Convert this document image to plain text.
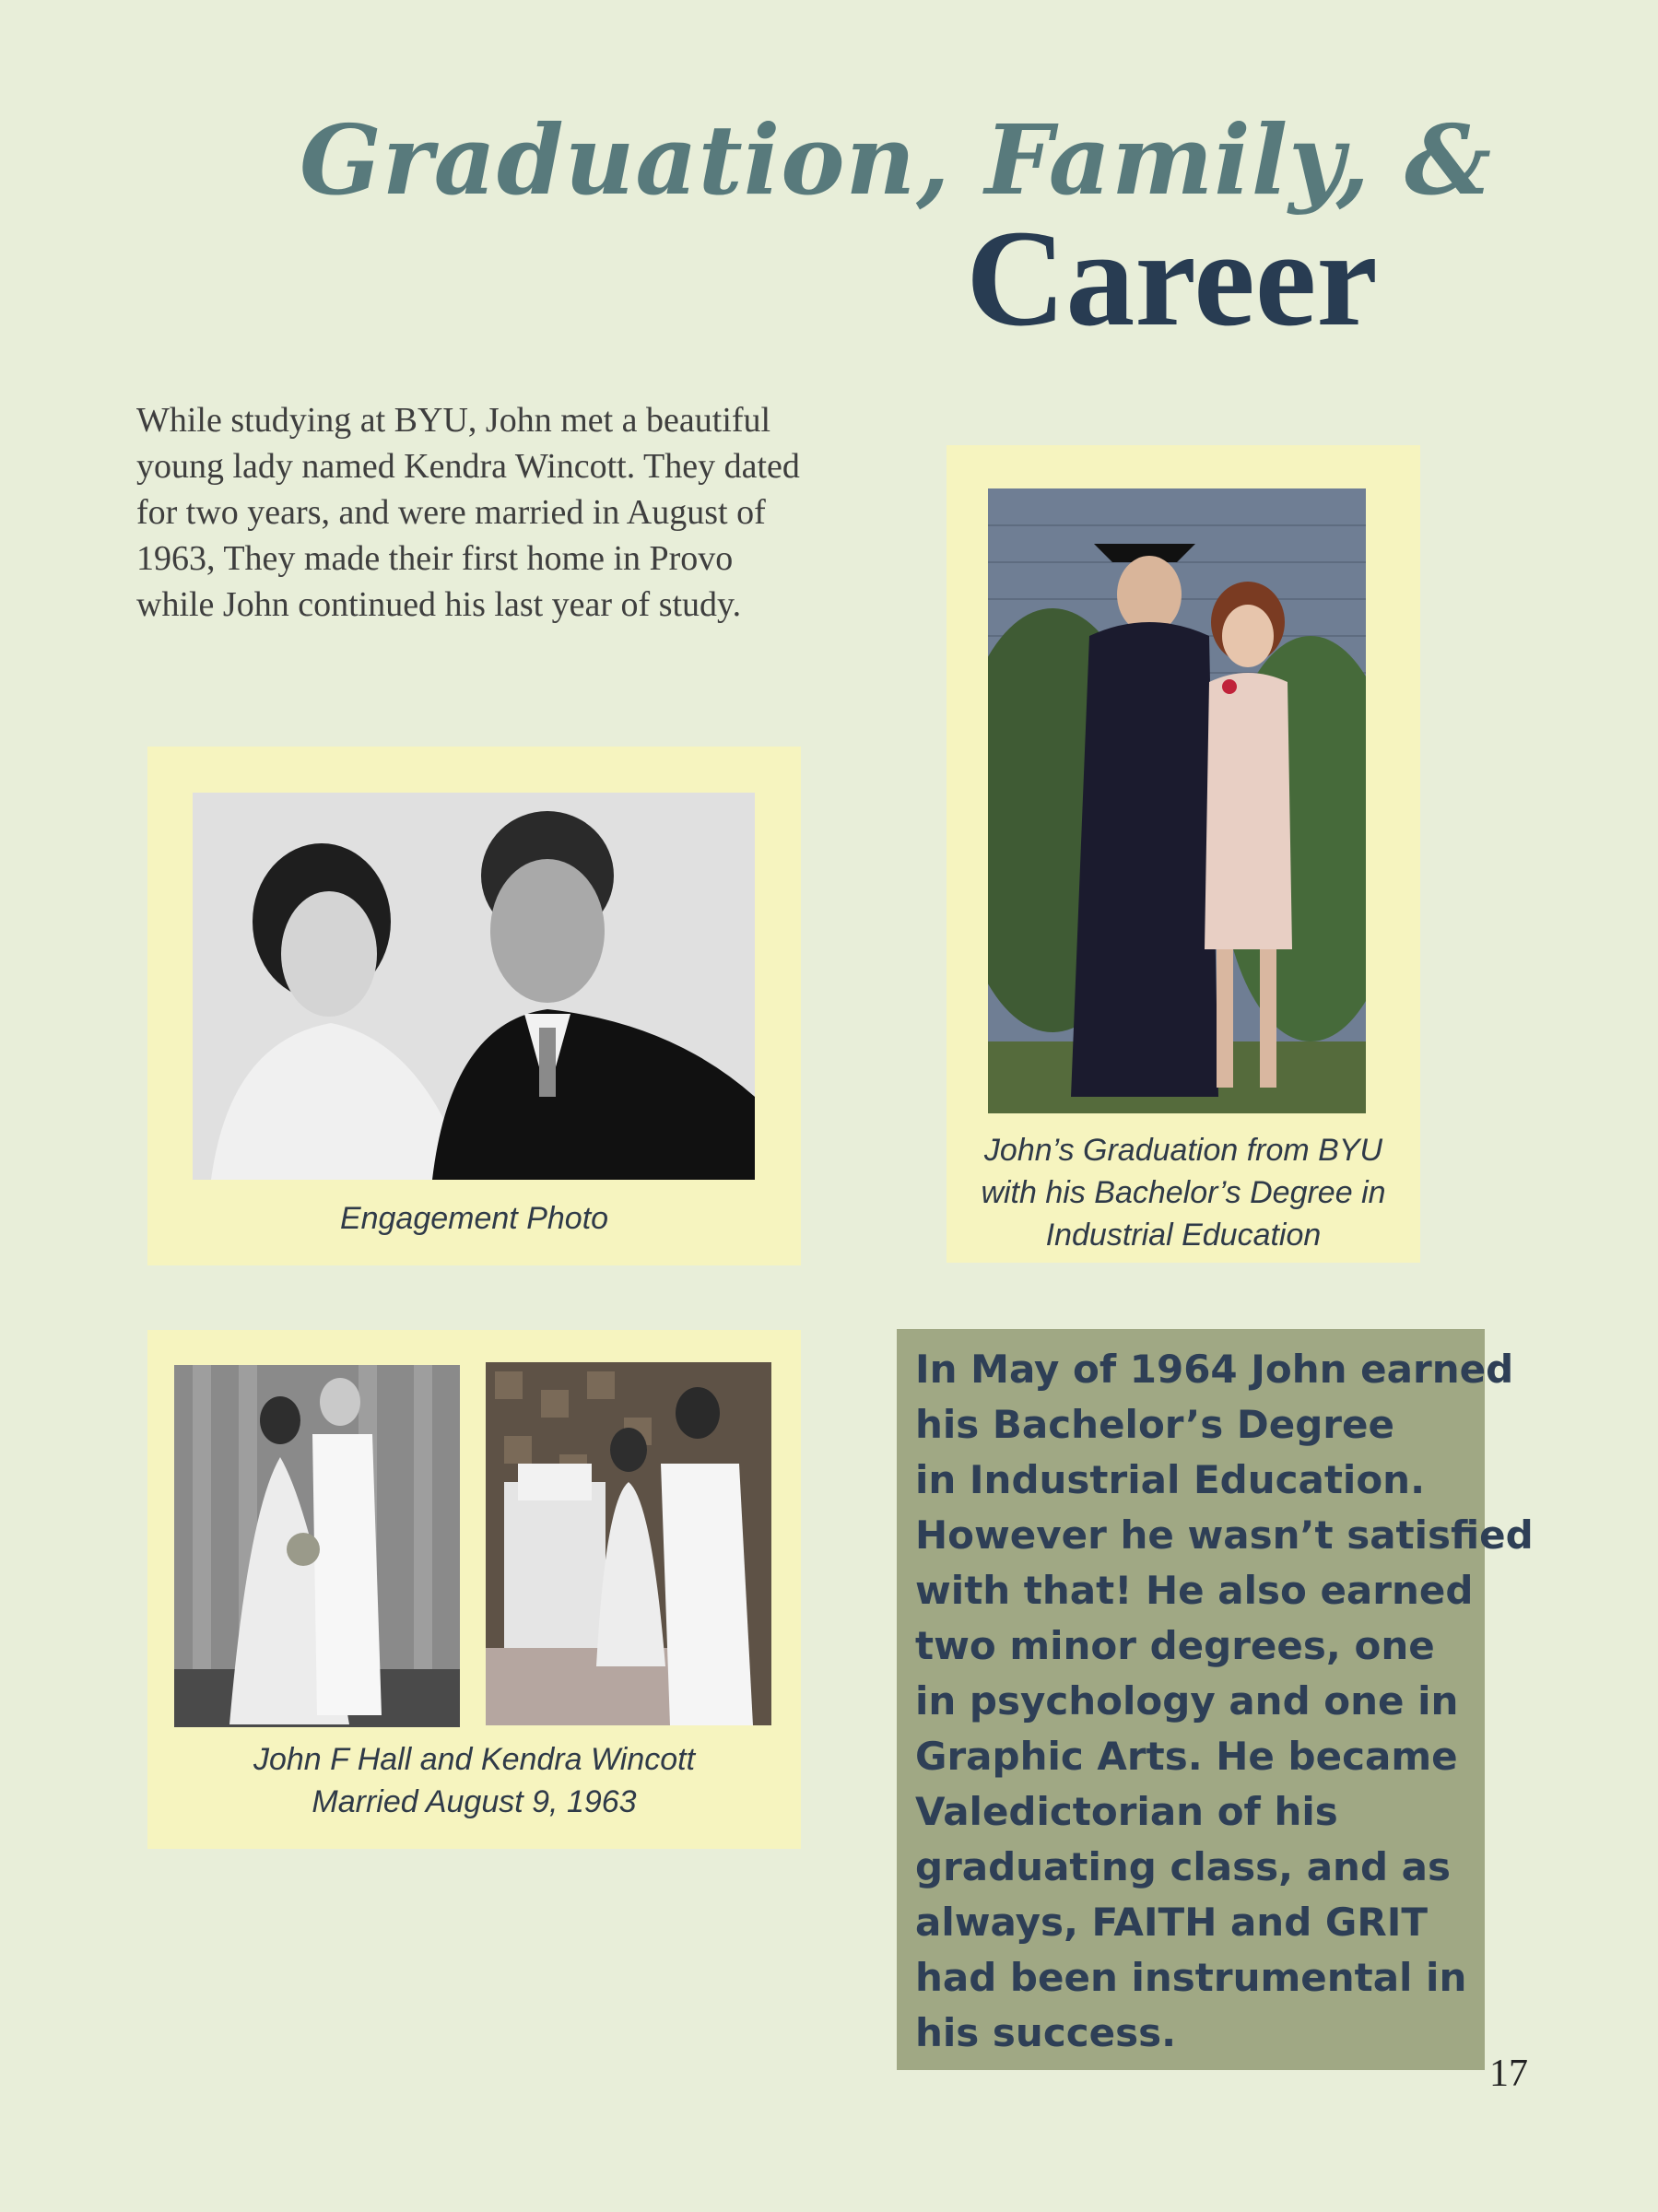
Graduation, Family, &
Career
While studying at BYU, John met a beautiful young lady named Kendra Wincott. They dated for two years, and were married in August of 1963, They made their first home in Provo while John continued his last year of study.
Engagement Photo
John’s Graduation from BYU
with his Bachelor’s Degree in
Industrial Education
John F Hall and Kendra Wincott
Married August 9, 1963
In May of 1964 John earned
his Bachelor’s Degree
in Industrial Education.
However he wasn’t satisfied
with that! He also earned
two minor degrees, one
in psychology and one in
Graphic Arts. He became
Valedictorian of his
graduating class, and as
always, FAITH and GRIT
had been instrumental in
his success.
17
